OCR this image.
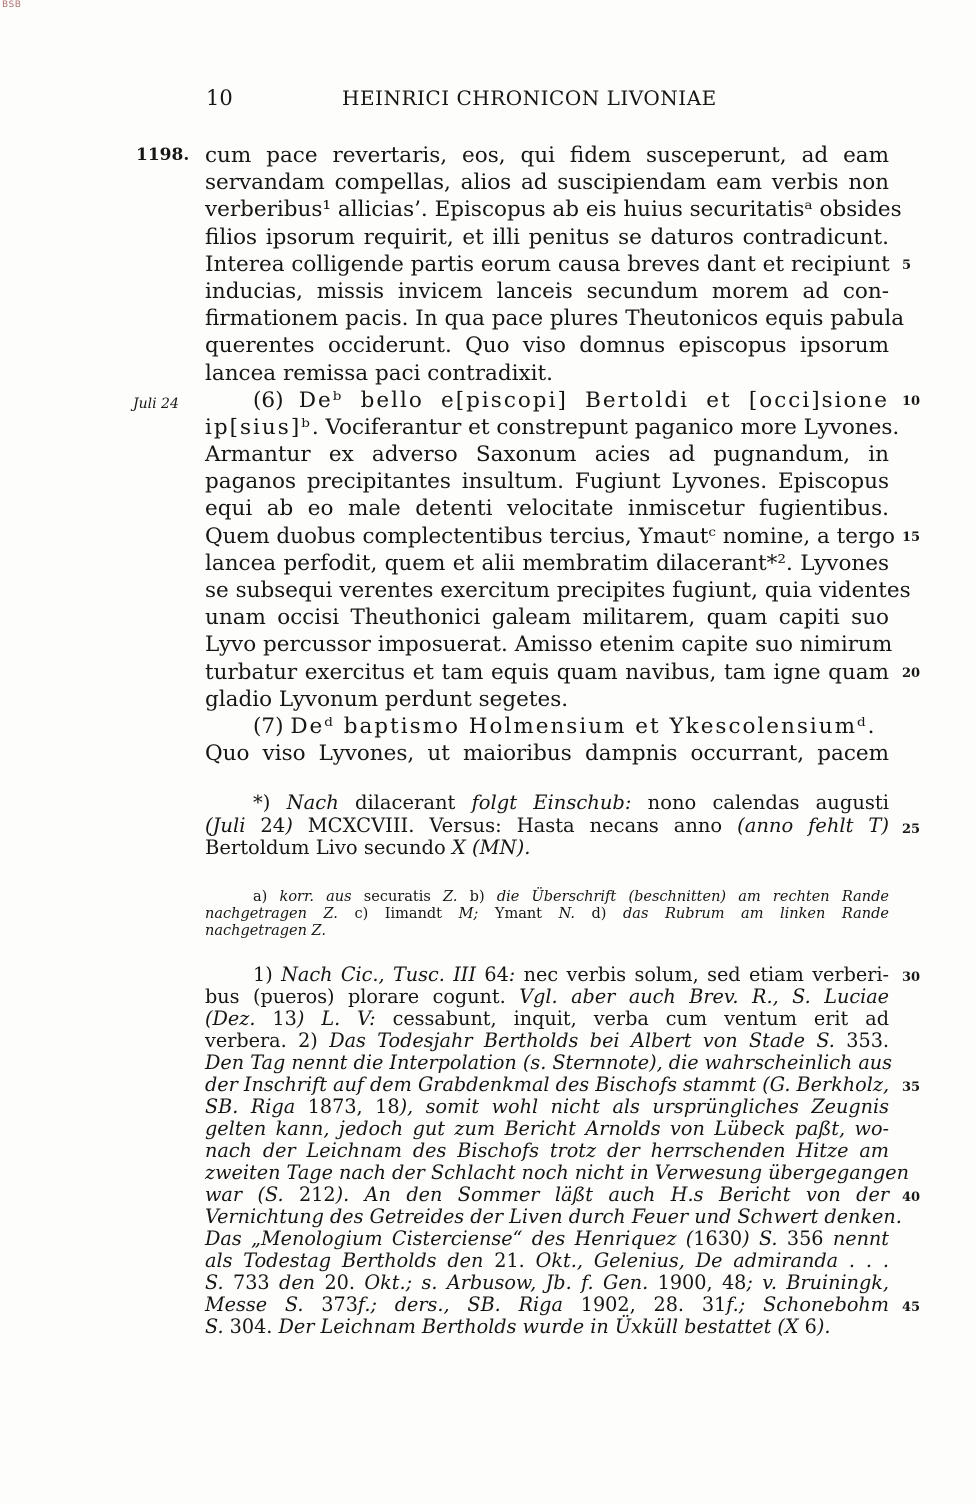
BSB
10	HEINRICI CHRONICON LIVONIAE
1198.
Juli 24
cum pace revertaris, eos, qui fidem susceperunt, ad eam
servandam compellas, alios ad suscipiendam eam verbis non
verberibus¹ allicias’. Episcopus ab eis huius securitatisᵃ obsides
filios ipsorum requirit, et illi penitus se daturos contradicunt.
Interea colligende partis eorum causa breves dant et recipiunt
inducias, missis invicem lanceis secundum morem ad con-
firmationem pacis. In qua pace plures Theutonicos equis pabula
querentes occiderunt. Quo viso domnus episcopus ipsorum
lancea remissa paci contradixit.
(6) Deᵇ bello e[piscopi] Bertoldi et [occi]sione
ip[sius]ᵇ. Vociferantur et constrepunt paganico more Lyvones.
Armantur ex adverso Saxonum acies ad pugnandum, in
paganos precipitantes insultum. Fugiunt Lyvones. Episcopus
equi ab eo male detenti velocitate inmiscetur fugientibus.
Quem duobus complectentibus tercius, Ymautᶜ nomine, a tergo
lancea perfodit, quem et alii membratim dilacerant*². Lyvones
se subsequi verentes exercitum precipites fugiunt, quia videntes
unam occisi Theuthonici galeam militarem, quam capiti suo
Lyvo percussor imposuerat. Amisso etenim capite suo nimirum
turbatur exercitus et tam equis quam navibus, tam igne quam
gladio Lyvonum perdunt segetes.
(7) Deᵈ baptismo Holmensium et Ykescolensiumᵈ.
Quo viso Lyvones, ut maioribus dampnis occurrant, pacem
*) Nach dilacerant folgt Einschub: nono calendas augusti
(Juli 24) MCXCVIII. Versus: Hasta necans anno (anno fehlt T)
Bertoldum Livo secundo X (MN).
a) korr. aus securatis Z. b) die Überschrift (beschnitten) am rechten Rande
nachgetragen Z. c) Iimandt M; Ymant N. d) das Rubrum am linken Rande
nachgetragen Z.
1) Nach Cic., Tusc. III 64: nec verbis solum, sed etiam verberi-
bus (pueros) plorare cogunt. Vgl. aber auch Brev. R., S. Luciae
(Dez. 13) L. V: cessabunt, inquit, verba cum ventum erit ad
verbera. 2) Das Todesjahr Bertholds bei Albert von Stade S. 353.
Den Tag nennt die Interpolation (s. Sternnote), die wahrscheinlich aus
der Inschrift auf dem Grabdenkmal des Bischofs stammt (G. Berkholz,
SB. Riga 1873, 18), somit wohl nicht als ursprüngliches Zeugnis
gelten kann, jedoch gut zum Bericht Arnolds von Lübeck paßt, wo-
nach der Leichnam des Bischofs trotz der herrschenden Hitze am
zweiten Tage nach der Schlacht noch nicht in Verwesung übergegangen
war (S. 212). An den Sommer läßt auch H.s Bericht von der
Vernichtung des Getreides der Liven durch Feuer und Schwert denken.
Das „Menologium Cisterciense“ des Henriquez (1630) S. 356 nennt
als Todestag Bertholds den 21. Okt., Gelenius, De admiranda . . .
S. 733 den 20. Okt.; s. Arbusow, Jb. f. Gen. 1900, 48; v. Bruiningk,
Messe S. 373f.; ders., SB. Riga 1902, 28. 31f.; Schonebohm
S. 304. Der Leichnam Bertholds wurde in Üxküll bestattet (X 6).
5
10
15
20
25
30
35
40
45
